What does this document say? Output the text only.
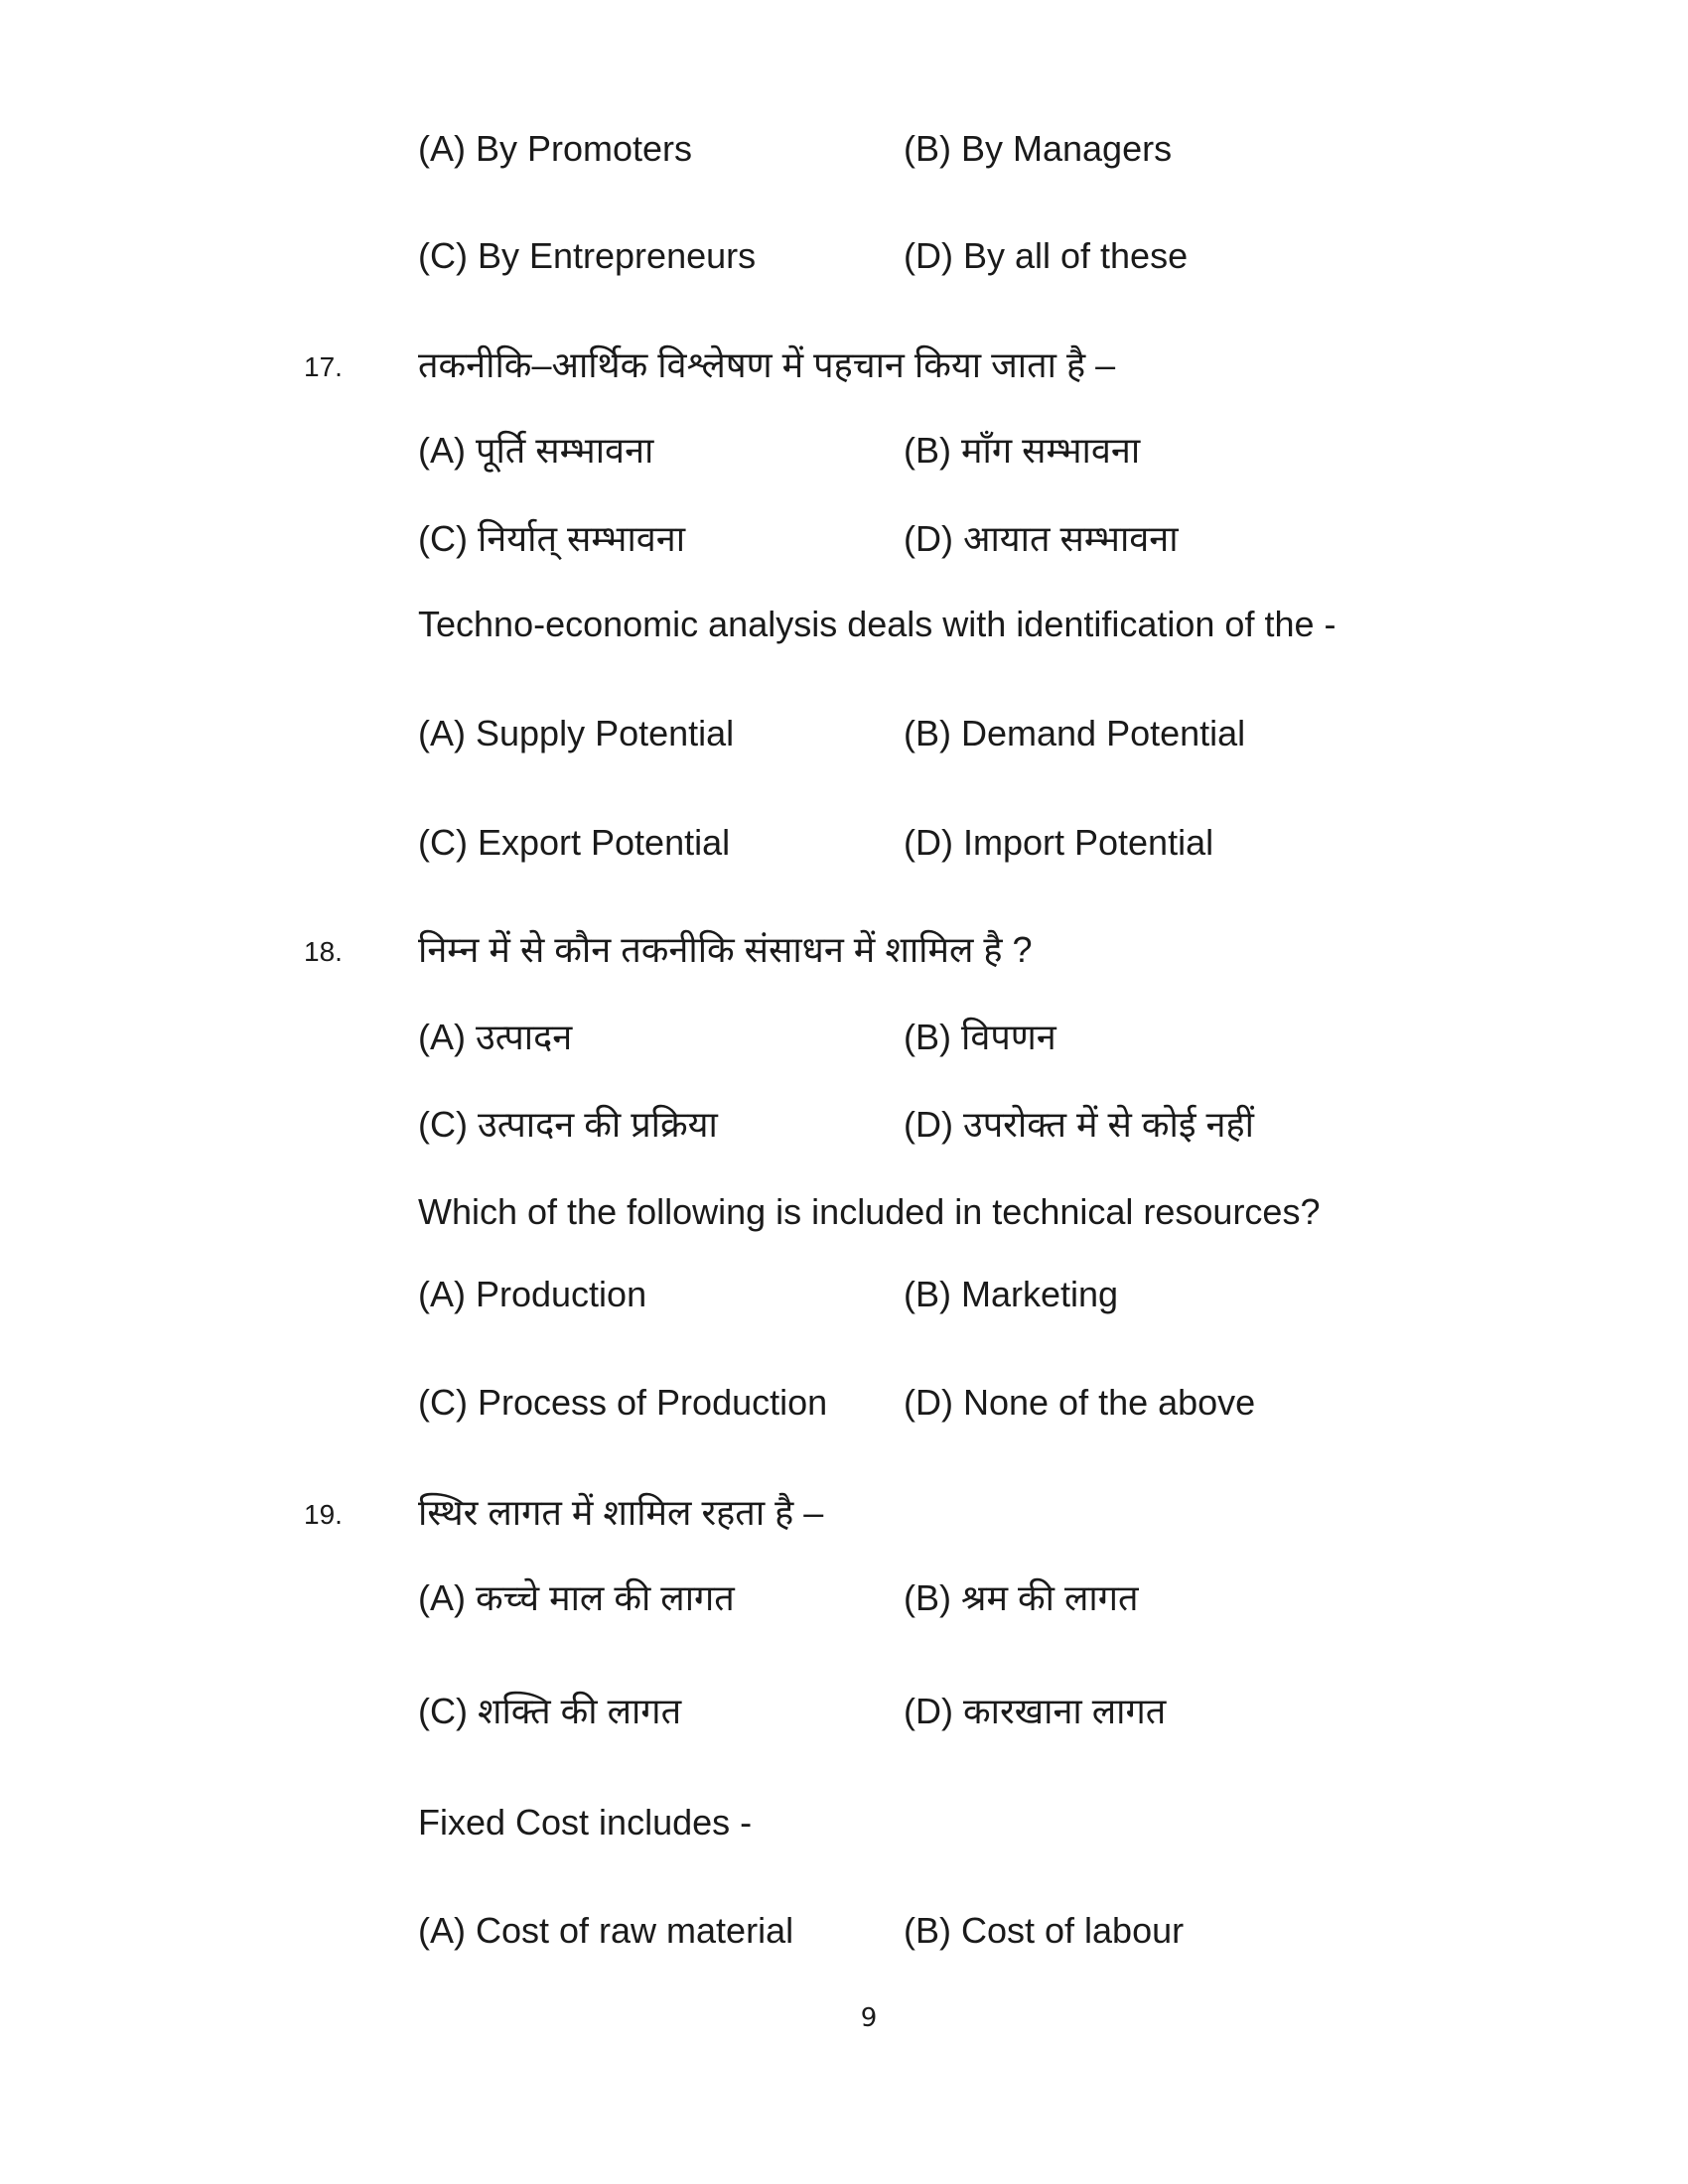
(A) By Promoters	(B) By Managers
(C) By Entrepreneurs	(D) By all of these
17. तकनीकि–आर्थिक विश्लेषण में पहचान किया जाता है –
(A) पूर्ति सम्भावना	(B) माँग सम्भावना
(C) निर्यात् सम्भावना	(D) आयात सम्भावना
Techno-economic analysis deals with identification of the -
(A) Supply Potential	(B) Demand Potential
(C) Export Potential	(D) Import Potential
18. निम्न में से कौन तकनीकि संसाधन में शामिल है ?
(A) उत्पादन	(B) विपणन
(C) उत्पादन की प्रक्रिया	(D) उपरोक्त में से कोई नहीं
Which of the following is included in technical resources?
(A) Production	(B) Marketing
(C) Process of Production (D) None of the above
19. स्थिर लागत में शामिल रहता है –
(A) कच्चे माल की लागत	(B) श्रम की लागत
(C) शक्ति की लागत	(D) कारखाना लागत
Fixed Cost includes -
(A) Cost of raw material	(B) Cost of labour
9
